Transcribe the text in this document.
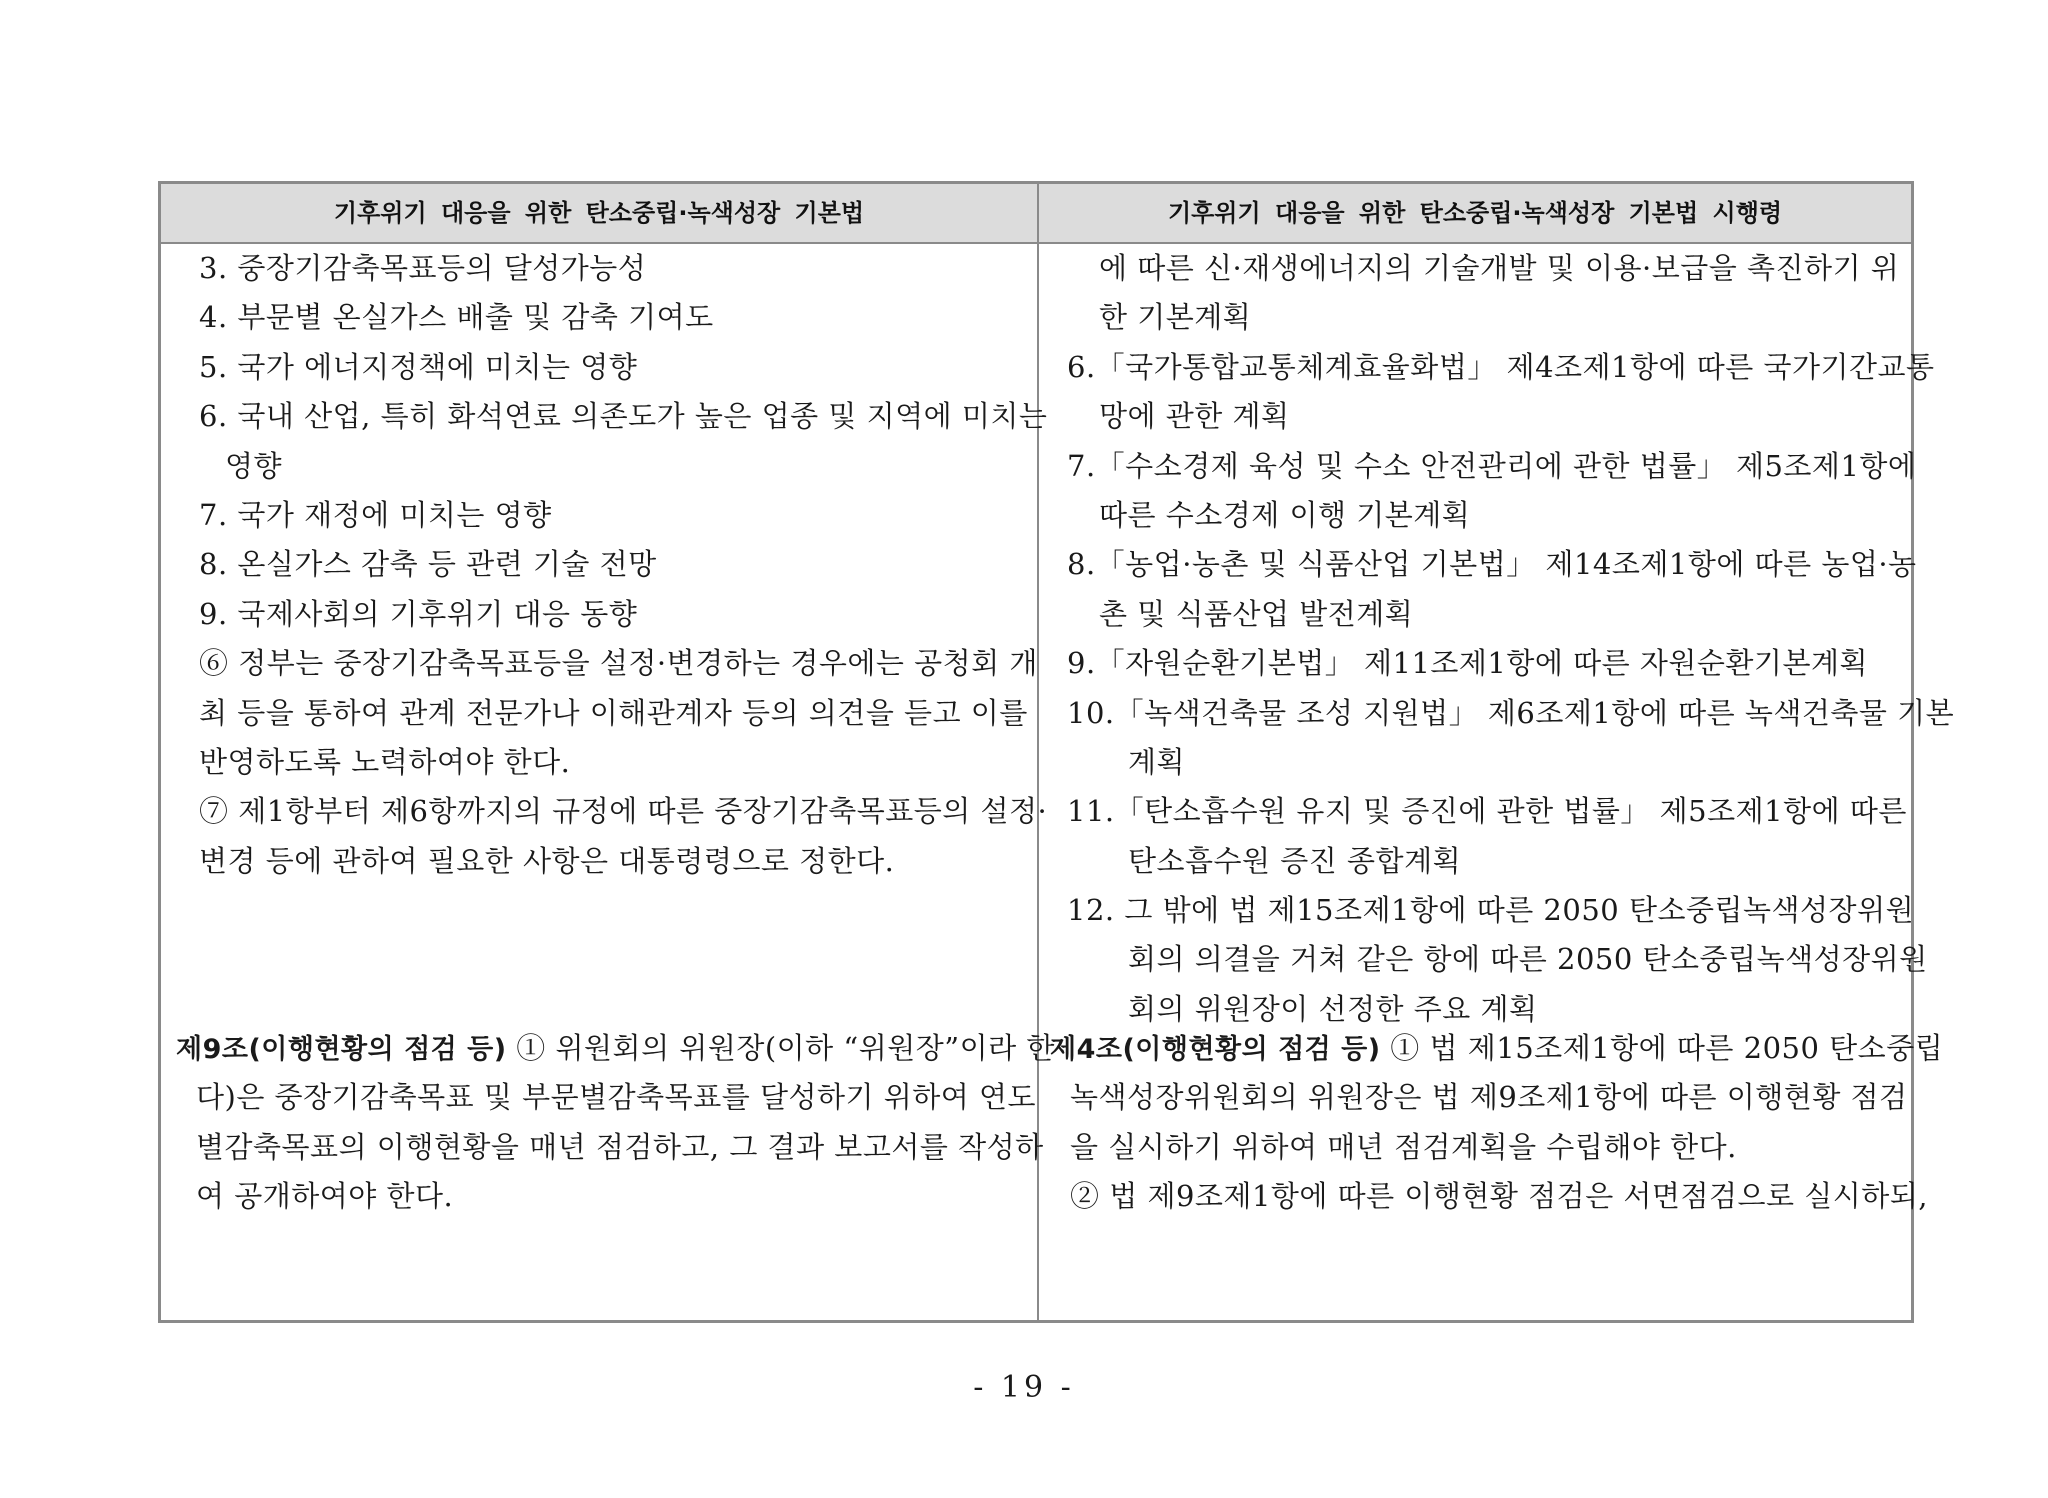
기후위기 대응을 위한 탄소중립·녹색성장 기본법	기후위기 대응을 위한 탄소중립·녹색성장 기본법 시행령
3. 중장기감축목표등의 달성가능성
4. 부문별 온실가스 배출 및 감축 기여도
5. 국가 에너지정책에 미치는 영향
6. 국내 산업, 특히 화석연료 의존도가 높은 업종 및 지역에 미치는
영향
7. 국가 재정에 미치는 영향
8. 온실가스 감축 등 관련 기술 전망
9. 국제사회의 기후위기 대응 동향
⑥ 정부는 중장기감축목표등을 설정·변경하는 경우에는 공청회 개
최 등을 통하여 관계 전문가나 이해관계자 등의 의견을 듣고 이를
반영하도록 노력하여야 한다.
⑦ 제1항부터 제6항까지의 규정에 따른 중장기감축목표등의 설정·
변경 등에 관하여 필요한 사항은 대통령령으로 정한다.
에 따른 신·재생에너지의 기술개발 및 이용·보급을 촉진하기 위
한 기본계획
6.「국가통합교통체계효율화법」 제4조제1항에 따른 국가기간교통
망에 관한 계획
7.「수소경제 육성 및 수소 안전관리에 관한 법률」 제5조제1항에
따른 수소경제 이행 기본계획
8.「농업·농촌 및 식품산업 기본법」 제14조제1항에 따른 농업·농
촌 및 식품산업 발전계획
9.「자원순환기본법」 제11조제1항에 따른 자원순환기본계획
10.「녹색건축물 조성 지원법」 제6조제1항에 따른 녹색건축물 기본
계획
11.「탄소흡수원 유지 및 증진에 관한 법률」 제5조제1항에 따른
탄소흡수원 증진 종합계획
12. 그 밖에 법 제15조제1항에 따른 2050 탄소중립녹색성장위원
회의 의결을 거쳐 같은 항에 따른 2050 탄소중립녹색성장위원
회의 위원장이 선정한 주요 계획
제9조(이행현황의 점검 등) ① 위원회의 위원장(이하 “위원장”이라 한
다)은 중장기감축목표 및 부문별감축목표를 달성하기 위하여 연도
별감축목표의 이행현황을 매년 점검하고, 그 결과 보고서를 작성하
여 공개하여야 한다.
제4조(이행현황의 점검 등) ① 법 제15조제1항에 따른 2050 탄소중립
녹색성장위원회의 위원장은 법 제9조제1항에 따른 이행현황 점검
을 실시하기 위하여 매년 점검계획을 수립해야 한다.
② 법 제9조제1항에 따른 이행현황 점검은 서면점검으로 실시하되,
- 19 -
